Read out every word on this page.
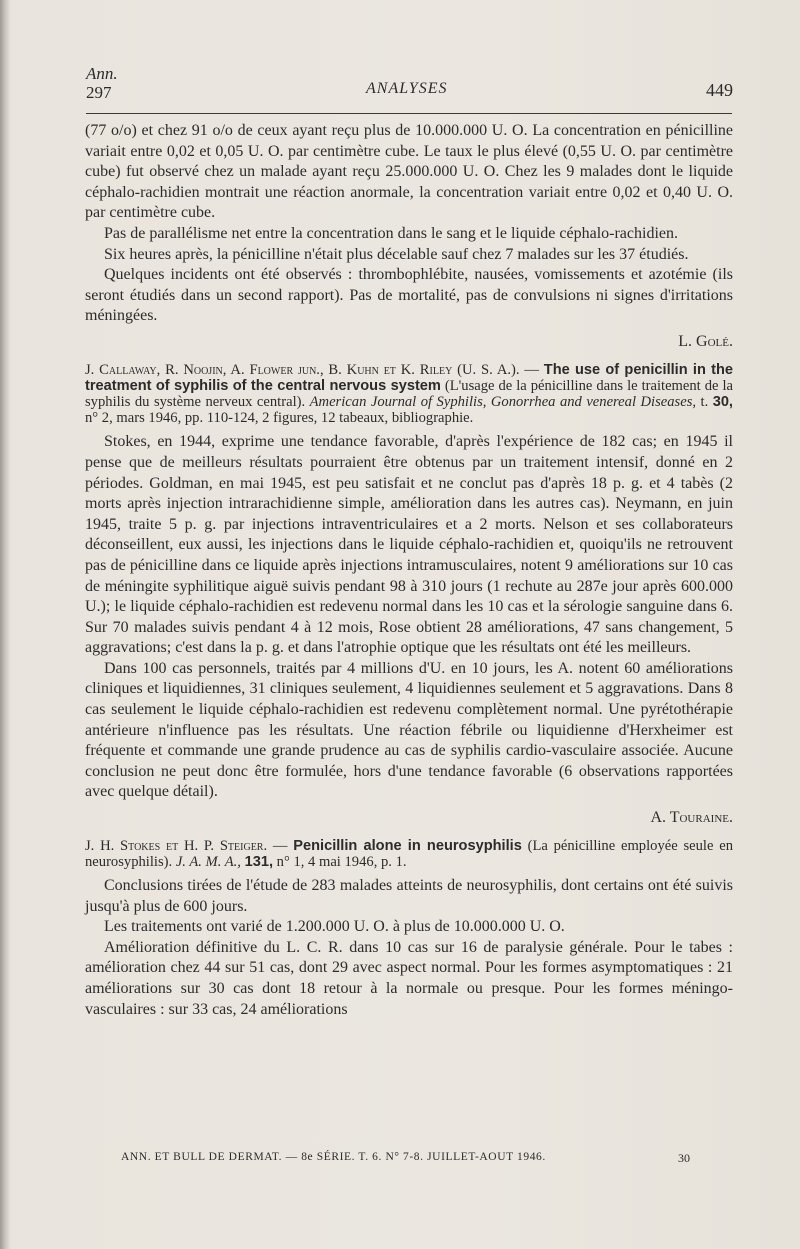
Ann.
297	ANALYSES	449

(77 o/o) et chez 91 o/o de ceux ayant reçu plus de 10.000.000 U. O. La concentration en pénicilline variait entre 0,02 et 0,05 U. O. par centimètre cube. Le taux le plus élevé (0,55 U. O. par centimètre cube) fut observé chez un malade ayant reçu 25.000.000 U. O. Chez les 9 malades dont le liquide céphalo-rachidien montrait une réaction anormale, la concentration variait entre 0,02 et 0,40 U. O. par centimètre cube.

Pas de parallélisme net entre la concentration dans le sang et le liquide céphalo-rachidien.

Six heures après, la pénicilline n'était plus décelable sauf chez 7 malades sur les 37 étudiés.

Quelques incidents ont été observés : thrombophlébite, nausées, vomissements et azotémie (ils seront étudiés dans un second rapport). Pas de mortalité, pas de convulsions ni signes d'irritations méningées.

L. Golé.

J. Callaway, R. Noojin, A. Flower jun., B. Kuhn et K. Riley (U. S. A.). — The use of penicillin in the treatment of syphilis of the central nervous system (L'usage de la pénicilline dans le traitement de la syphilis du système nerveux central). American Journal of Syphilis, Gonorrhea and venereal Diseases, t. 30, n° 2, mars 1946, pp. 110-124, 2 figures, 12 tabeaux, bibliographie.

Stokes, en 1944, exprime une tendance favorable, d'après l'expérience de 182 cas; en 1945 il pense que de meilleurs résultats pourraient être obtenus par un traitement intensif, donné en 2 périodes. Goldman, en mai 1945, est peu satisfait et ne conclut pas d'après 18 p. g. et 4 tabès (2 morts après injection intrarachidienne simple, amélioration dans les autres cas). Neymann, en juin 1945, traite 5 p. g. par injections intraventriculaires et a 2 morts. Nelson et ses collaborateurs déconseillent, eux aussi, les injections dans le liquide céphalo-rachidien et, quoiqu'ils ne retrouvent pas de pénicilline dans ce liquide après injections intramusculaires, notent 9 améliorations sur 10 cas de méningite syphilitique aiguë suivis pendant 98 à 310 jours (1 rechute au 287e jour après 600.000 U.); le liquide céphalo-rachidien est redevenu normal dans les 10 cas et la sérologie sanguine dans 6. Sur 70 malades suivis pendant 4 à 12 mois, Rose obtient 28 améliorations, 47 sans changement, 5 aggravations; c'est dans la p. g. et dans l'atrophie optique que les résultats ont été les meilleurs.

Dans 100 cas personnels, traités par 4 millions d'U. en 10 jours, les A. notent 60 améliorations cliniques et liquidiennes, 31 cliniques seulement, 4 liquidiennes seulement et 5 aggravations. Dans 8 cas seulement le liquide céphalo-rachidien est redevenu complètement normal. Une pyrétothérapie antérieure n'influence pas les résultats. Une réaction fébrile ou liquidienne d'Herxheimer est fréquente et commande une grande prudence au cas de syphilis cardio-vasculaire associée. Aucune conclusion ne peut donc être formulée, hors d'une tendance favorable (6 observations rapportées avec quelque détail).

A. Touraine.

J. H. Stokes et H. P. Steiger. — Penicillin alone in neurosyphilis (La pénicilline employée seule en neurosyphilis). J. A. M. A., 131, n° 1, 4 mai 1946, p. 1.

Conclusions tirées de l'étude de 283 malades atteints de neurosyphilis, dont certains ont été suivis jusqu'à plus de 600 jours.

Les traitements ont varié de 1.200.000 U. O. à plus de 10.000.000 U. O.

Amélioration définitive du L. C. R. dans 10 cas sur 16 de paralysie générale. Pour le tabes : amélioration chez 44 sur 51 cas, dont 29 avec aspect normal. Pour les formes asymptomatiques : 21 améliorations sur 30 cas dont 18 retour à la normale ou presque. Pour les formes méningo-vasculaires : sur 33 cas, 24 améliorations

ANN. ET BULL DE DERMAT. — 8e SÉRIE. T. 6. N° 7-8. JUILLET-AOUT 1946.	30
